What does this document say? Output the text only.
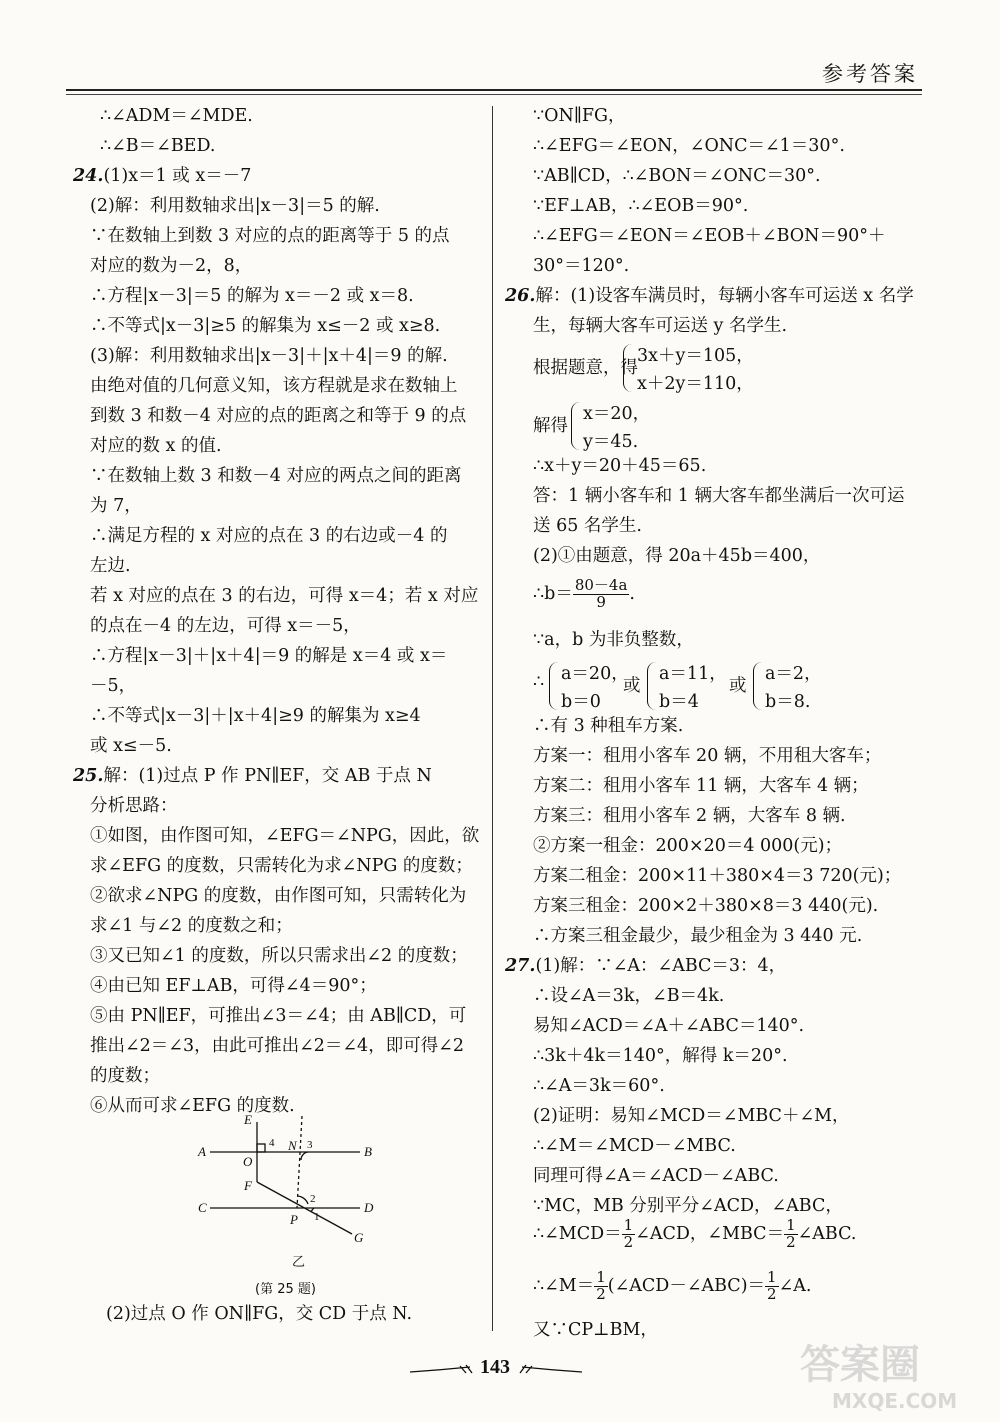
参考答案
∴∠ADM＝∠MDE.
∴∠B＝∠BED.
24.(1)x＝1 或 x＝－7
(2)解：利用数轴求出|x－3|＝5 的解.
∵在数轴上到数 3 对应的点的距离等于 5 的点
对应的数为－2，8，
∴方程|x－3|＝5 的解为 x＝－2 或 x＝8.
∴不等式|x－3|≥5 的解集为 x≤－2 或 x≥8.
(3)解：利用数轴求出|x－3|＋|x＋4|＝9 的解.
由绝对值的几何意义知，该方程就是求在数轴上
到数 3 和数－4 对应的点的距离之和等于 9 的点
对应的数 x 的值.
∵在数轴上数 3 和数－4 对应的两点之间的距离
为 7，
∴满足方程的 x 对应的点在 3 的右边或－4 的
左边.
若 x 对应的点在 3 的右边，可得 x＝4；若 x 对应
的点在－4 的左边，可得 x＝－5，
∴方程|x－3|＋|x＋4|＝9 的解是 x＝4 或 x＝
－5，
∴不等式|x－3|＋|x＋4|≥9 的解集为 x≥4
或 x≤－5.
25.解：(1)过点 P 作 PN∥EF，交 AB 于点 N
分析思路：
①如图，由作图可知，∠EFG＝∠NPG，因此，欲
求∠EFG 的度数，只需转化为求∠NPG 的度数；
②欲求∠NPG 的度数，由作图可知，只需转化为
求∠1 与∠2 的度数之和；
③又已知∠1 的度数，所以只需求出∠2 的度数；
④由已知 EF⊥AB，可得∠4＝90°；
⑤由 PN∥EF，可推出∠3＝∠4；由 AB∥CD，可
推出∠2＝∠3，由此可推出∠2＝∠4，即可得∠2
的度数；
⑥从而可求∠EFG 的度数.
(2)过点 O 作 ON∥FG，交 CD 于点 N.
根据题意，得
3x＋y＝105，
x＋2y＝110，
解得
x＝20，
y＝45.
∴b＝ $\frac{80-4a}{9}$ .
∴ a＝20，
b＝0
或
a＝11，
b＝4
或
a＝2，
b＝8.
∴∠MCD＝ $\frac{1}{2}$ ∠ACD，∠MBC＝ $\frac{1}{2}$ ∠ABC.
∴∠M＝ $\frac{1}{2}$ (∠ACD－∠ABC)＝ $\frac{1}{2}$ ∠A.
∵ON∥FG，
∴∠EFG＝∠EON，∠ONC＝∠1＝30°.
∵AB∥CD，∴∠BON＝∠ONC＝30°.
∵EF⊥AB，∴∠EOB＝90°.
∴∠EFG＝∠EON＝∠EOB＋∠BON＝90°＋
30°＝120°.
26.解：(1)设客车满员时，每辆小客车可运送 x 名学
生，每辆大客车可运送 y 名学生.
∴x＋y＝20＋45＝65.
答：1 辆小客车和 1 辆大客车都坐满后一次可运
送 65 名学生.
(2)①由题意，得 20a＋45b＝400，
∵a，b 为非负整数，
∴有 3 种租车方案.
方案一：租用小客车 20 辆，不用租大客车；
方案二：租用小客车 11 辆，大客车 4 辆；
方案三：租用小客车 2 辆，大客车 8 辆.
②方案一租金：200×20＝4 000(元)；
方案二租金：200×11＋380×4＝3 720(元)；
方案三租金：200×2＋380×8＝3 440(元).
∴方案三租金最少，最少租金为 3 440 元.
27.(1)解：∵∠A：∠ABC＝3：4，
∴设∠A＝3k，∠B＝4k.
易知∠ACD＝∠A＋∠ABC＝140°.
∴3k＋4k＝140°，解得 k＝20°.
∴∠A＝3k＝60°.
(2)证明：易知∠MCD＝∠MBC＋∠M，
∴∠M＝∠MCD－∠MBC.
同理可得∠A＝∠ACD－∠ABC.
∵MC，MB 分别平分∠ACD，∠ABC，
又∵CP⊥BM，
E
A	B
O
N
F
C	D
P
G
1
2
3
4
乙
(第 25 题)
143	答案圈
MXQE.COM
